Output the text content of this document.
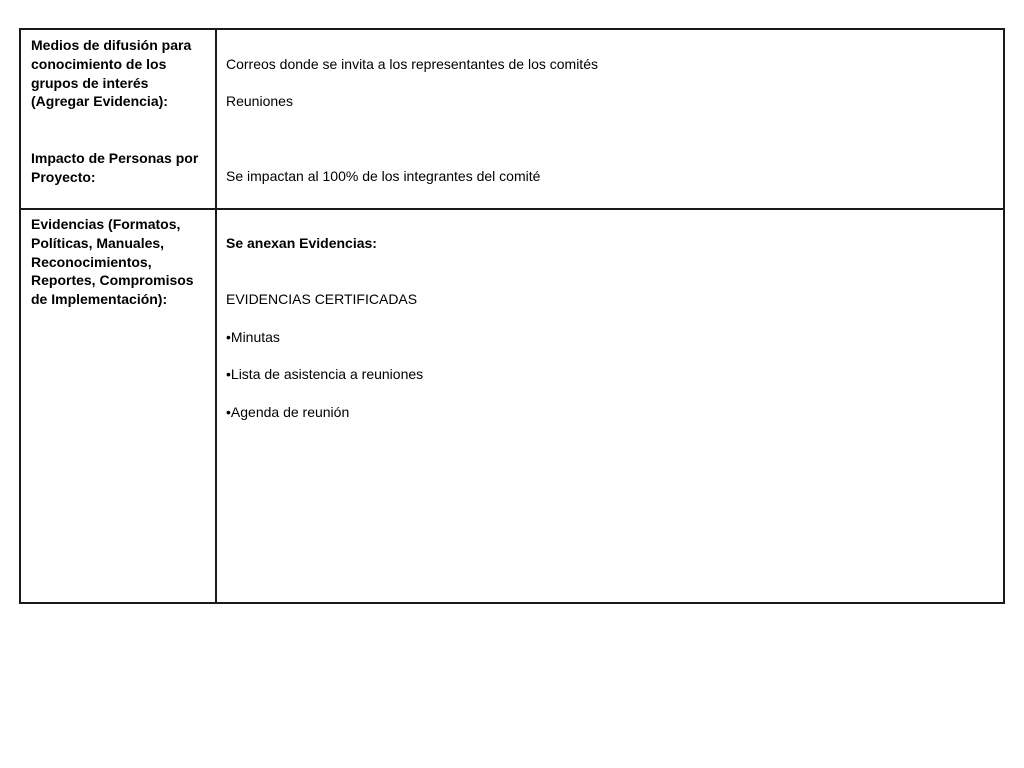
Medios de difusión para conocimiento de los grupos de interés (Agregar Evidencia):

Impacto de Personas por Proyecto:

Correos donde se invita a los representantes de los comités

Reuniones

Se impactan al 100% de los integrantes del comité

Evidencias (Formatos, Políticas, Manuales, Reconocimientos, Reportes, Compromisos de Implementación):

Se anexan Evidencias:

EVIDENCIAS CERTIFICADAS

• Minutas

• Lista de asistencia a reuniones

• Agenda de reunión
